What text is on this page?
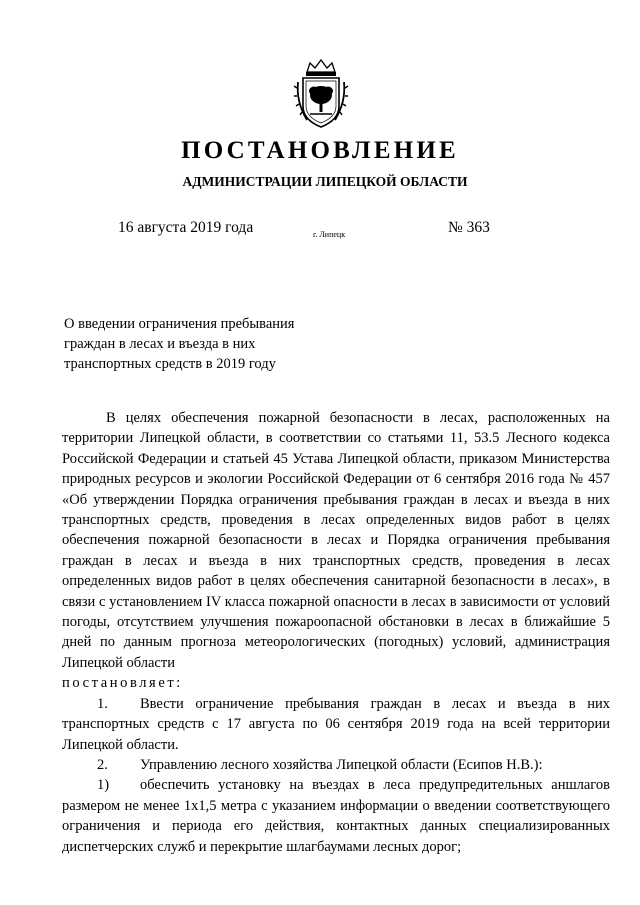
ПОСТАНОВЛЕНИЕ
АДМИНИСТРАЦИИ ЛИПЕЦКОЙ ОБЛАСТИ
16 августа 2019 года	г. Липецк	№ 363
О введении ограничения пребывания
граждан в лесах и въезда в них
транспортных средств в 2019 году

В целях обеспечения пожарной безопасности в лесах, расположенных на территории Липецкой области, в соответствии со статьями 11, 53.5 Лесного кодекса Российской Федерации и статьей 45 Устава Липецкой области, приказом Министерства природных ресурсов и экологии Российской Федерации от 6 сентября 2016 года № 457 «Об утверждении Порядка ограничения пребывания граждан в лесах и въезда в них транспортных средств, проведения в лесах определенных видов работ в целях обеспечения пожарной безопасности в лесах и Порядка ограничения пребывания граждан в лесах и въезда в них транспортных средств, проведения в лесах определенных видов работ в целях обеспечения санитарной безопасности в лесах», в связи с установлением IV класса пожарной опасности в лесах в зависимости от условий погоды, отсутствием улучшения пожароопасной обстановки в лесах в ближайшие 5 дней по данным прогноза метеорологических (погодных) условий, администрация Липецкой области

постановляет:

1. Ввести ограничение пребывания граждан в лесах и въезда в них транспортных средств с 17 августа по 06 сентября 2019 года на всей территории Липецкой области.

2. Управлению лесного хозяйства Липецкой области (Есипов Н.В.):

1) обеспечить установку на въездах в леса предупредительных аншлагов размером не менее 1х1,5 метра с указанием информации о введении соответствующего ограничения и периода его действия, контактных данных специализированных диспетчерских служб и перекрытие шлагбаумами лесных дорог;
